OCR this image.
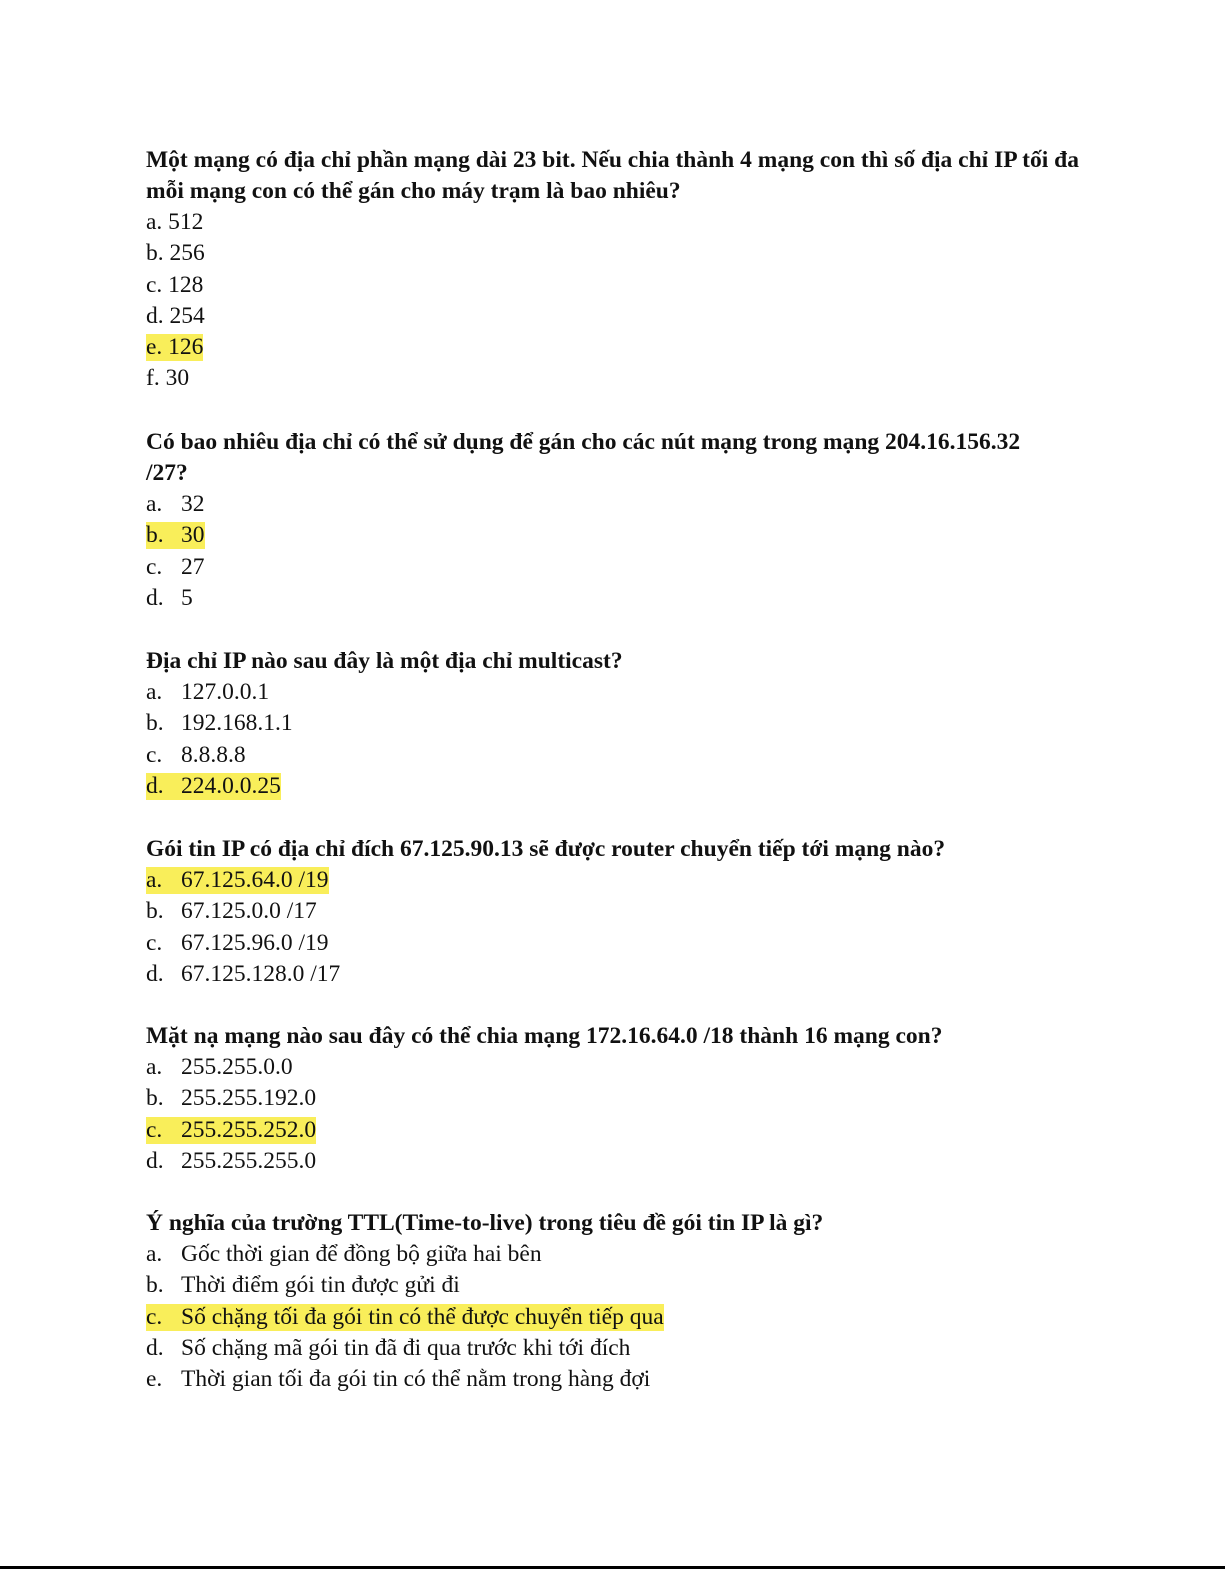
Một mạng có địa chỉ phần mạng dài 23 bit. Nếu chia thành 4 mạng con thì số địa chỉ IP tối đa mỗi mạng con có thể gán cho máy trạm là bao nhiêu?

a. 512
b. 256
c. 128
d. 254
e. 126
f. 30

Có bao nhiêu địa chỉ có thể sử dụng để gán cho các nút mạng trong mạng 204.16.156.32 /27?

a. 32
b. 30
c. 27
d. 5

Địa chỉ IP nào sau đây là một địa chỉ multicast?

a. 127.0.0.1
b. 192.168.1.1
c. 8.8.8.8
d. 224.0.0.25

Gói tin IP có địa chỉ đích 67.125.90.13 sẽ được router chuyển tiếp tới mạng nào?

a. 67.125.64.0 /19
b. 67.125.0.0 /17
c. 67.125.96.0 /19
d. 67.125.128.0 /17

Mặt nạ mạng nào sau đây có thể chia mạng 172.16.64.0 /18 thành 16 mạng con?

a. 255.255.0.0
b. 255.255.192.0
c. 255.255.252.0
d. 255.255.255.0

Ý nghĩa của trường TTL(Time-to-live) trong tiêu đề gói tin IP là gì?

a. Gốc thời gian để đồng bộ giữa hai bên
b. Thời điểm gói tin được gửi đi
c. Số chặng tối đa gói tin có thể được chuyển tiếp qua
d. Số chặng mã gói tin đã đi qua trước khi tới đích
e. Thời gian tối đa gói tin có thể nằm trong hàng đợi
